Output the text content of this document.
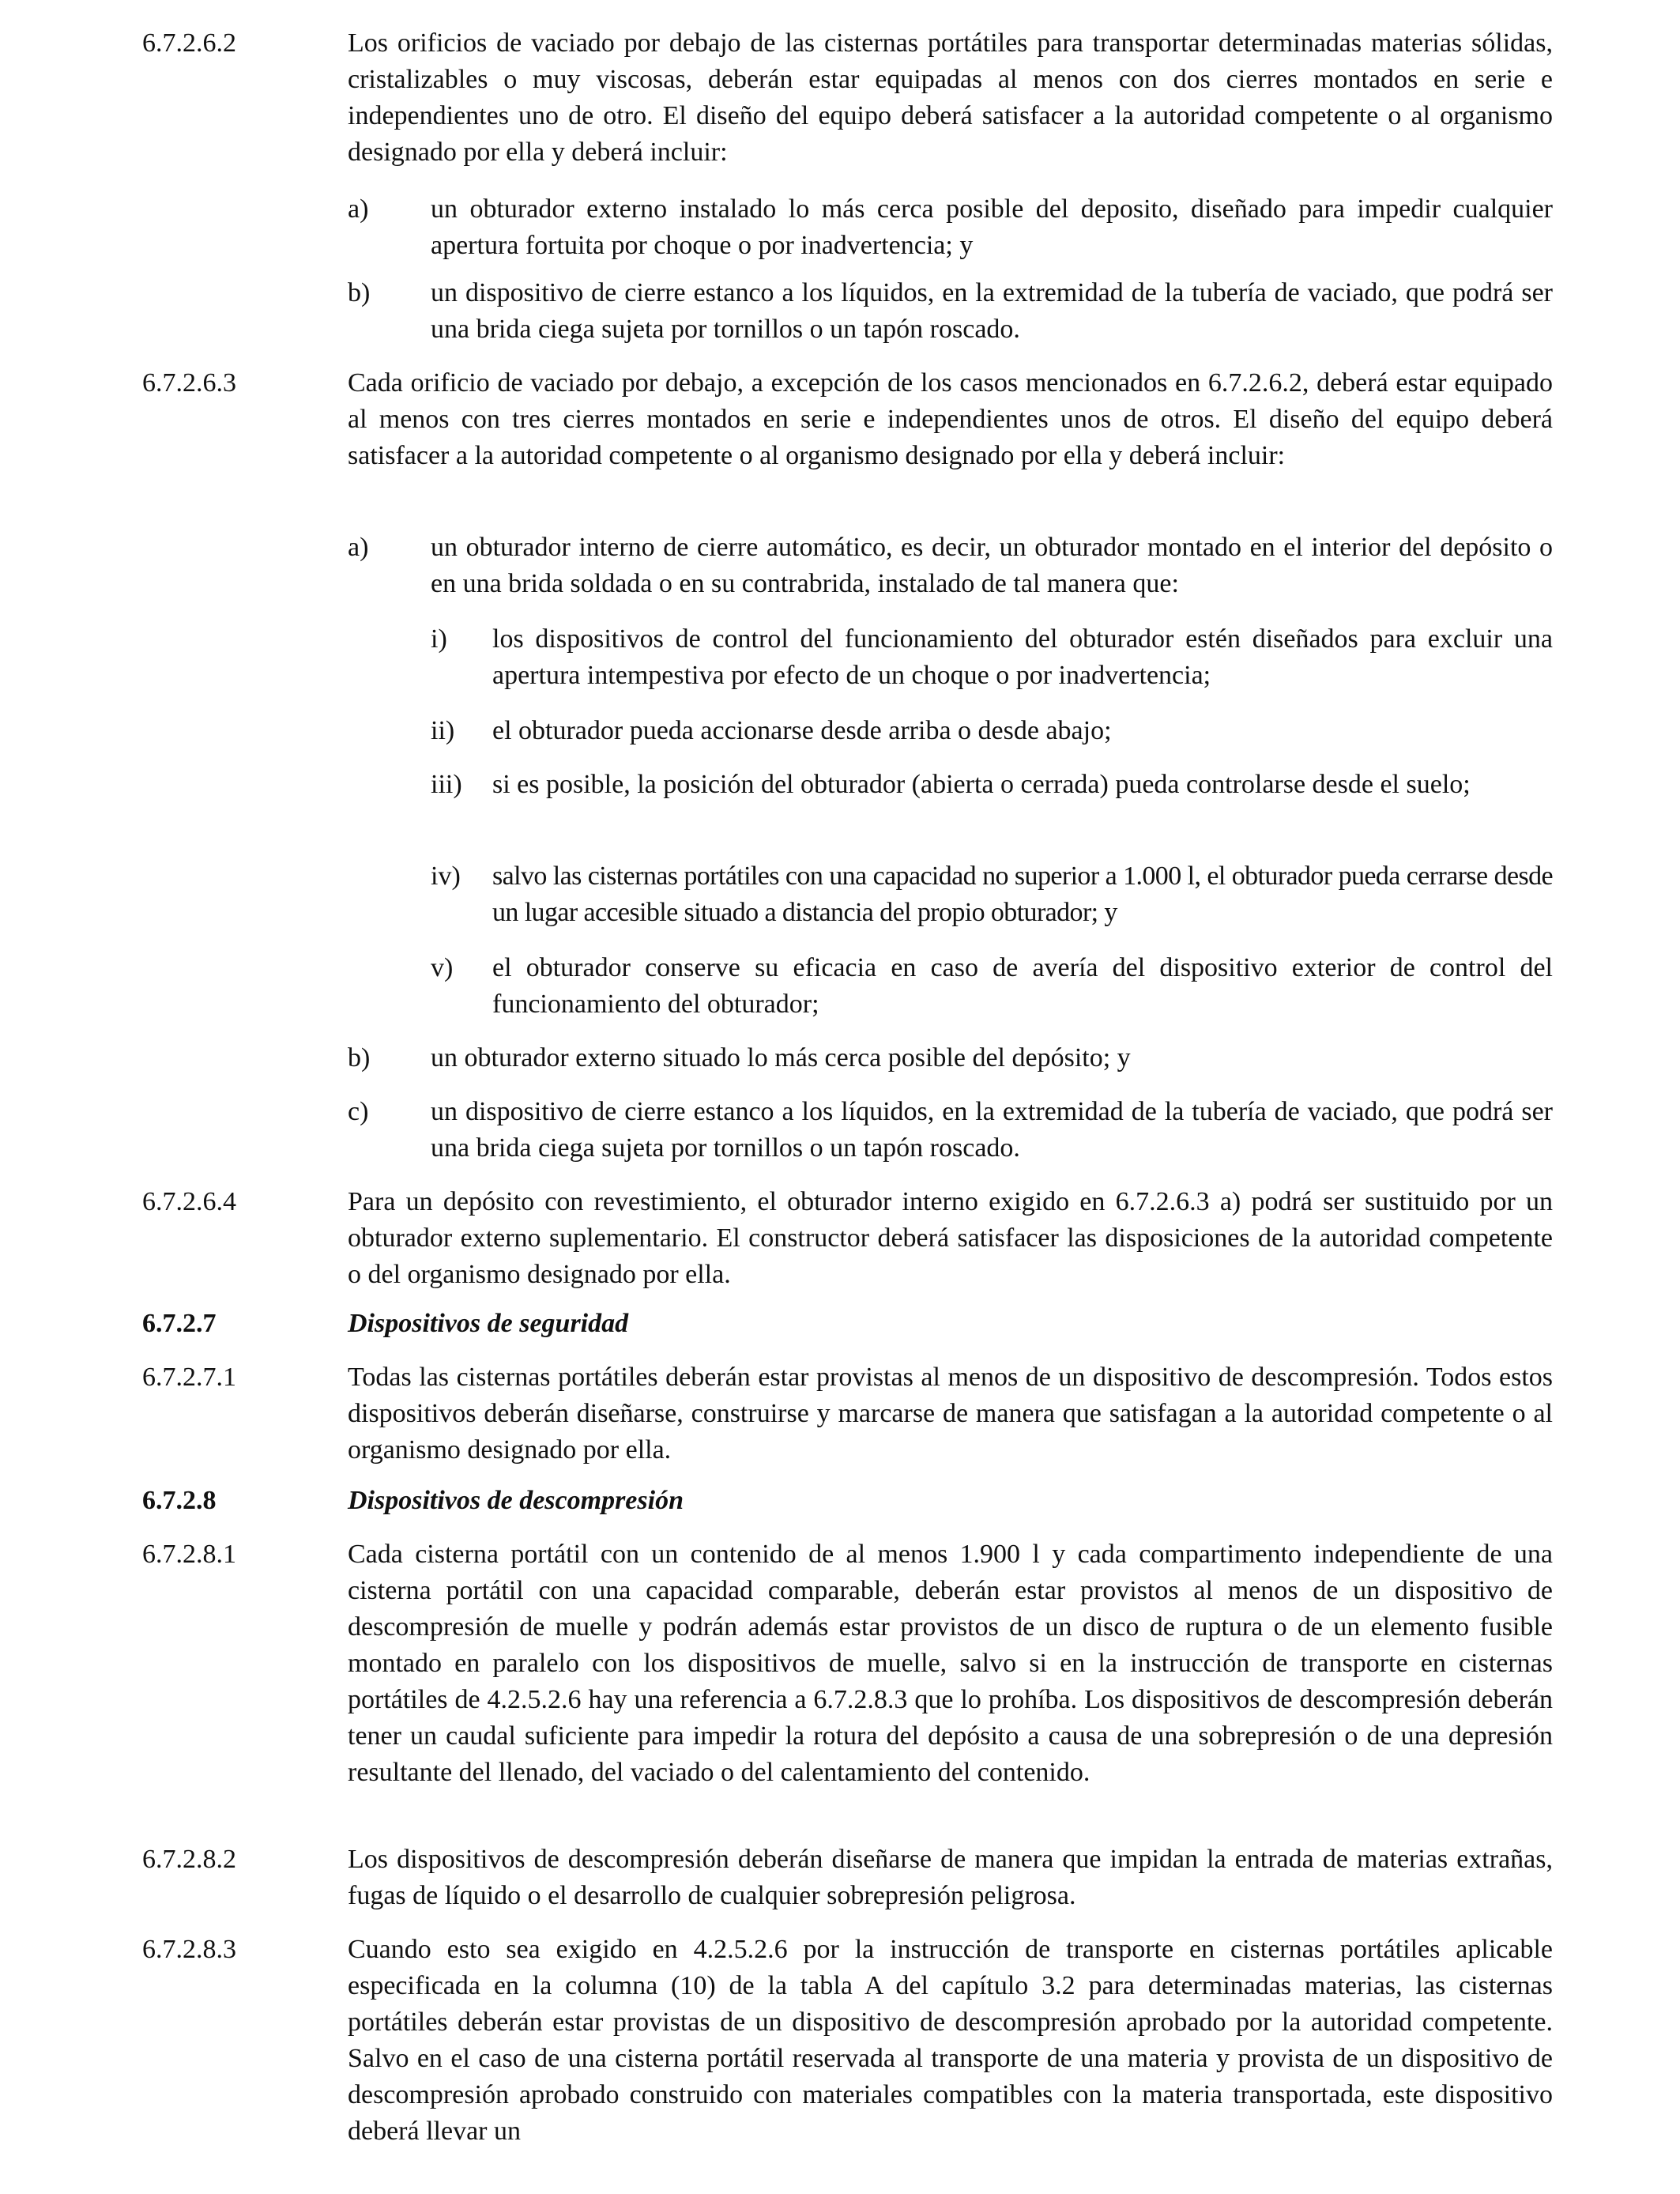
6.7.2.6.2	Los orificios de vaciado por debajo de las cisternas portátiles para transportar determinadas materias sólidas, cristalizables o muy viscosas, deberán estar equipadas al menos con dos cierres montados en serie e independientes uno de otro. El diseño del equipo deberá satisfacer a la autoridad competente o al organismo designado por ella y deberá incluir:

a) un obturador externo instalado lo más cerca posible del deposito, diseñado para impedir cualquier apertura fortuita por choque o por inadvertencia; y

b) un dispositivo de cierre estanco a los líquidos, en la extremidad de la tubería de vaciado, que podrá ser una brida ciega sujeta por tornillos o un tapón roscado.

6.7.2.6.3	Cada orificio de vaciado por debajo, a excepción de los casos mencionados en 6.7.2.6.2, deberá estar equipado al menos con tres cierres montados en serie e independientes unos de otros. El diseño del equipo deberá satisfacer a la autoridad competente o al organismo designado por ella y deberá incluir:

a) un obturador interno de cierre automático, es decir, un obturador montado en el interior del depósito o en una brida soldada o en su contrabrida, instalado de tal manera que:

i) los dispositivos de control del funcionamiento del obturador estén diseñados para excluir una apertura intempestiva por efecto de un choque o por inadvertencia;

ii) el obturador pueda accionarse desde arriba o desde abajo;

iii) si es posible, la posición del obturador (abierta o cerrada) pueda controlarse desde el suelo;

iv) salvo las cisternas portátiles con una capacidad no superior a 1.000 l, el obturador pueda cerrarse desde un lugar accesible situado a distancia del propio obturador; y

v) el obturador conserve su eficacia en caso de avería del dispositivo exterior de control del funcionamiento del obturador;

b) un obturador externo situado lo más cerca posible del depósito; y

c) un dispositivo de cierre estanco a los líquidos, en la extremidad de la tubería de vaciado, que podrá ser una brida ciega sujeta por tornillos o un tapón roscado.

6.7.2.6.4	Para un depósito con revestimiento, el obturador interno exigido en 6.7.2.6.3 a) podrá ser sustituido por un obturador externo suplementario. El constructor deberá satisfacer las disposiciones de la autoridad competente o del organismo designado por ella.

6.7.2.7	Dispositivos de seguridad
6.7.2.7.1	Todas las cisternas portátiles deberán estar provistas al menos de un dispositivo de descompresión. Todos estos dispositivos deberán diseñarse, construirse y marcarse de manera que satisfagan a la autoridad competente o al organismo designado por ella.

6.7.2.8	Dispositivos de descompresión
6.7.2.8.1	Cada cisterna portátil con un contenido de al menos 1.900 l y cada compartimento independiente de una cisterna portátil con una capacidad comparable, deberán estar provistos al menos de un dispositivo de descompresión de muelle y podrán además estar provistos de un disco de ruptura o de un elemento fusible montado en paralelo con los dispositivos de muelle, salvo si en la instrucción de transporte en cisternas portátiles de 4.2.5.2.6 hay una referencia a 6.7.2.8.3 que lo prohíba. Los dispositivos de descompresión deberán tener un caudal suficiente para impedir la rotura del depósito a causa de una sobrepresión o de una depresión resultante del llenado, del vaciado o del calentamiento del contenido.

6.7.2.8.2	Los dispositivos de descompresión deberán diseñarse de manera que impidan la entrada de materias extrañas, fugas de líquido o el desarrollo de cualquier sobrepresión peligrosa.

6.7.2.8.3	Cuando esto sea exigido en 4.2.5.2.6 por la instrucción de transporte en cisternas portátiles aplicable especificada en la columna (10) de la tabla A del capítulo 3.2 para determinadas materias, las cisternas portátiles deberán estar provistas de un dispositivo de descompresión aprobado por la autoridad competente. Salvo en el caso de una cisterna portátil reservada al transporte de una materia y provista de un dispositivo de descompresión aprobado construido con materiales compatibles con la materia transportada, este dispositivo deberá llevar un
